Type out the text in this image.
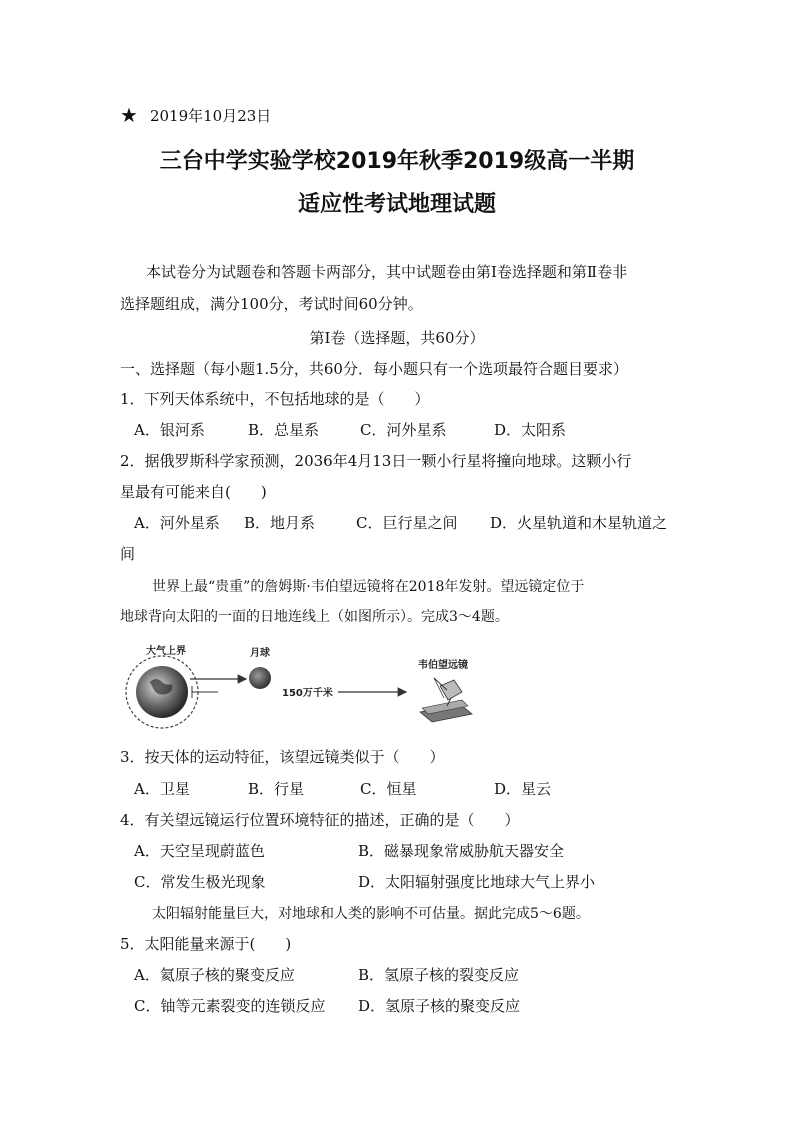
★ 2019年10月23日
三台中学实验学校2019年秋季2019级高一半期
适应性考试地理试题
本试卷分为试题卷和答题卡两部分，其中试题卷由第Ⅰ卷选择题和第Ⅱ卷非
选择题组成，满分100分，考试时间60分钟。
第Ⅰ卷（选择题，共60分）
一、选择题（每小题1.5分，共60分．每小题只有一个选项最符合题目要求）
1．下列天体系统中，不包括地球的是（　　）
A．银河系	B．总星系	C．河外星系	D．太阳系
2．据俄罗斯科学家预测，2036年4月13日一颗小行星将撞向地球。这颗小行
星最有可能来自(　　)
A．河外星系 B．地月系	C．巨行星之间 D．火星轨道和木星轨道之
间
世界上最“贵重”的詹姆斯·韦伯望远镜将在2018年发射。望远镜定位于
地球背向太阳的一面的日地连线上（如图所示）。完成3～4题。
大气上界	月球
150万千米
韦伯望远镜
3．按天体的运动特征，该望远镜类似于（　　）
A．卫星	B．行星	C．恒星	D．星云
4．有关望远镜运行位置环境特征的描述，正确的是（　　）
A．天空呈现蔚蓝色	B．磁暴现象常威胁航天器安全
C．常发生极光现象	D．太阳辐射强度比地球大气上界小
太阳辐射能量巨大，对地球和人类的影响不可估量。据此完成5～6题。
5．太阳能量来源于(　　)
A．氦原子核的聚变反应	B．氢原子核的裂变反应
C．铀等元素裂变的连锁反应 D．氢原子核的聚变反应
